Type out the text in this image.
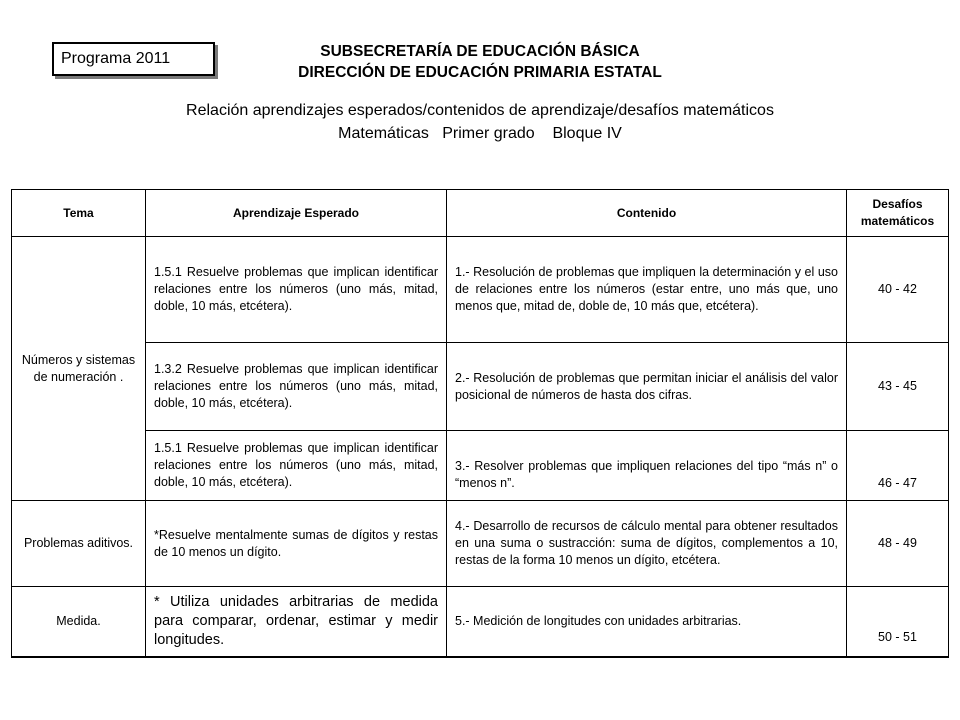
Programa 2011	SUBSECRETARÍA DE EDUCACIÓN BÁSICA
DIRECCIÓN DE EDUCACIÓN PRIMARIA ESTATAL
Relación aprendizajes esperados/contenidos de aprendizaje/desafíos matemáticos
Matemáticas   Primer grado    Bloque IV
Tema	Aprendizaje Esperado	Contenido	Desafíos matemáticos
Números y sistemas de numeración .	1.5.1 Resuelve problemas que implican identificar relaciones entre los números (uno más, mitad, doble, 10 más, etcétera).	1.- Resolución de problemas que impliquen la determinación y el uso de relaciones entre los números (estar entre, uno más que, uno menos que, mitad de, doble de, 10 más que, etcétera).	40 - 42
	1.3.2 Resuelve problemas que implican identificar relaciones entre los números (uno más, mitad, doble, 10 más, etcétera).	2.- Resolución de problemas que permitan iniciar el análisis del valor posicional de números de hasta dos cifras.	43 - 45
	1.5.1 Resuelve problemas que implican identificar relaciones entre los números (uno más, mitad, doble, 10 más, etcétera).	3.- Resolver problemas que impliquen relaciones del tipo “más n” o “menos n”.	46 - 47
Problemas aditivos.	*Resuelve mentalmente sumas de dígitos y restas de 10 menos un dígito.	4.- Desarrollo de recursos de cálculo mental para obtener resultados en una suma o sustracción: suma de dígitos, complementos a 10, restas de la forma 10 menos un dígito, etcétera.	48 - 49
Medida.	* Utiliza unidades arbitrarias de medida para comparar, ordenar, estimar y medir longitudes.	5.- Medición de longitudes con unidades arbitrarias.	50 - 51
